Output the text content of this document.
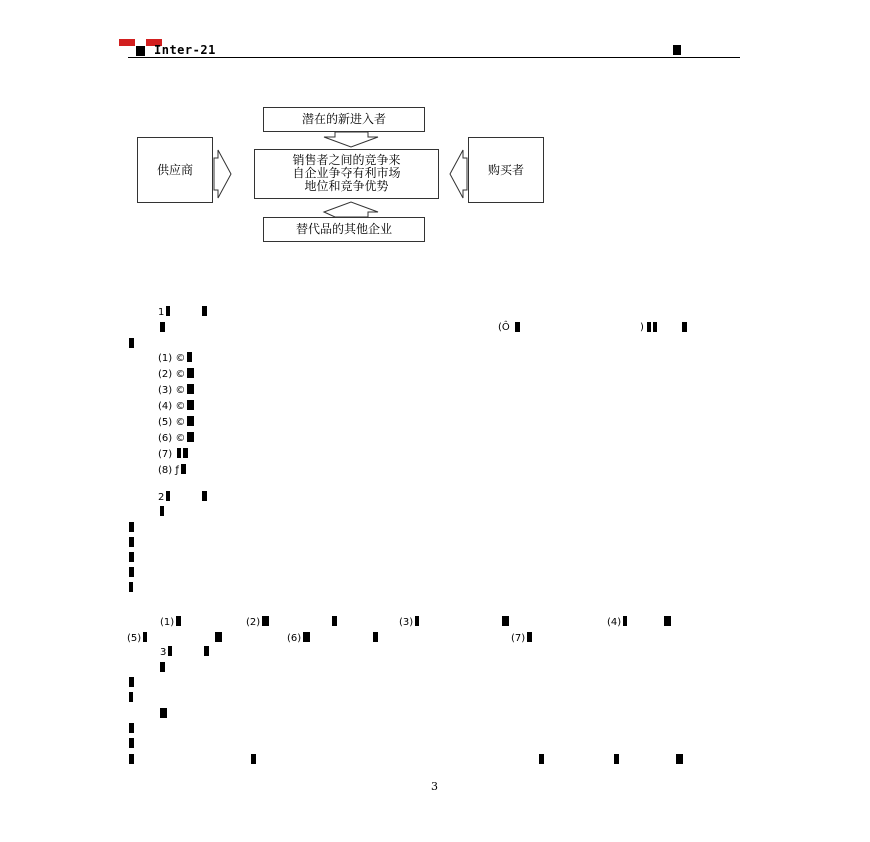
Inter-21
潜在的新进入者
销售者之间的竞争来
自企业争夺有利市场
地位和竞争优势
供应商	购买者
替代品的其他企业
1
(Ô	)
(1) ©
(2) ©
(3) ©
(4) ©
(5) ©
(6) ©
(7)
(8) ƒ
2
(1)	(2)	(3)	(4)
(5)	(6)	(7)
3
3
